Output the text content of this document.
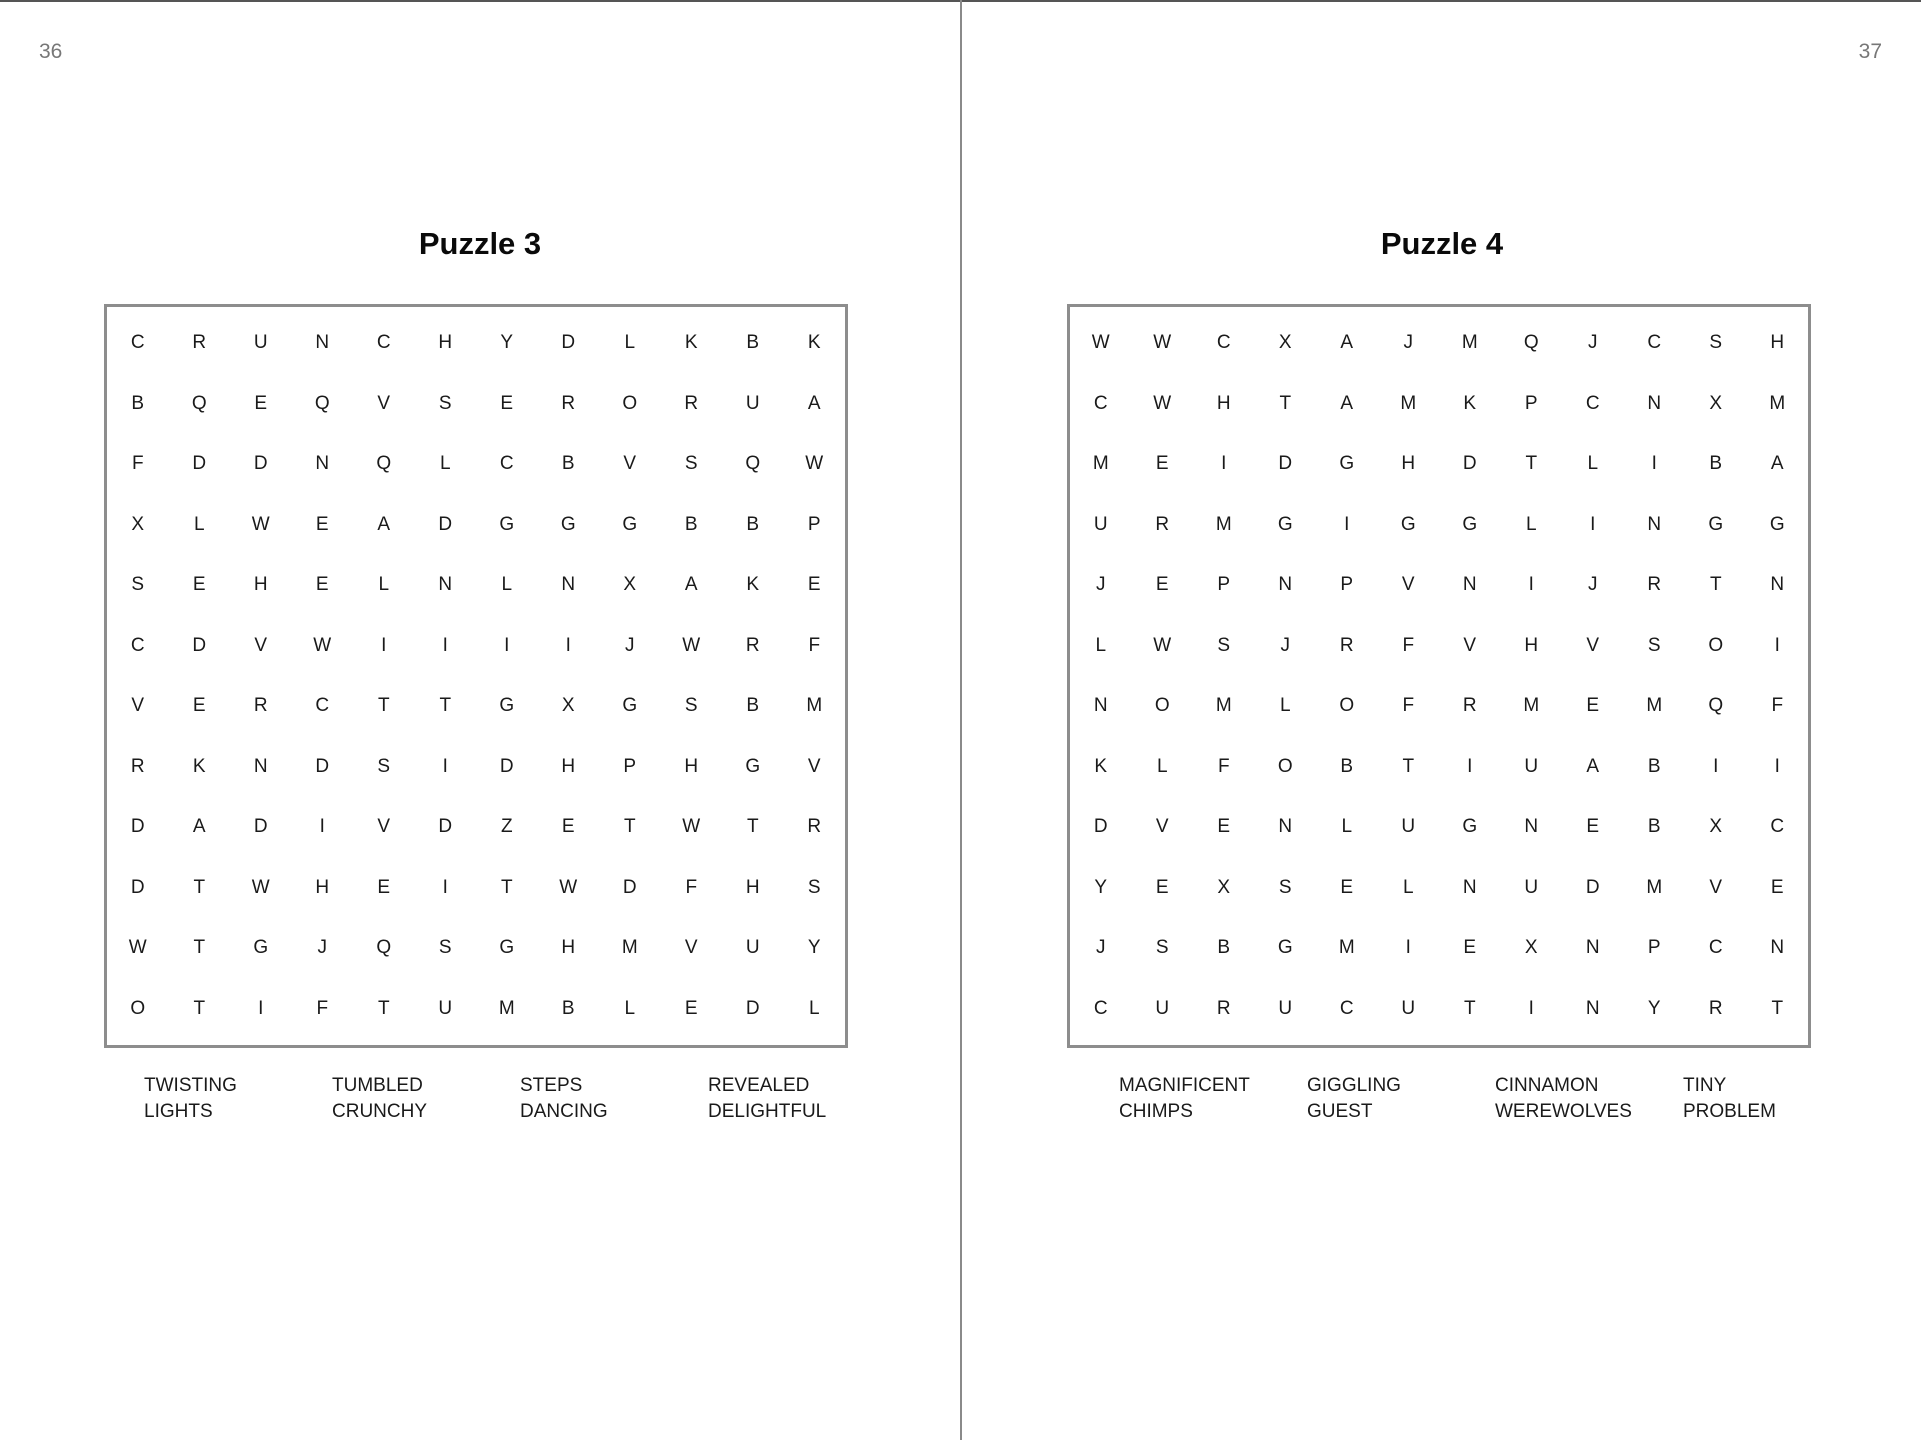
36
Puzzle 3
C	R	U	N	C	H	Y	D	L	K	B	K
B	Q	E	Q	V	S	E	R	O	R	U	A
F	D	D	N	Q	L	C	B	V	S	Q	W
X	L	W	E	A	D	G	G	G	B	B	P
S	E	H	E	L	N	L	N	X	A	K	E
C	D	V	W	I	I	I	I	J	W	R	F
V	E	R	C	T	T	G	X	G	S	B	M
R	K	N	D	S	I	D	H	P	H	G	V
D	A	D	I	V	D	Z	E	T	W	T	R
D	T	W	H	E	I	T	W	D	F	H	S
W	T	G	J	Q	S	G	H	M	V	U	Y
O	T	I	F	T	U	M	B	L	E	D	L
TWISTING
LIGHTS
TUMBLED
CRUNCHY
STEPS
DANCING
REVEALED
DELIGHTFUL
37
Puzzle 4
W	W	C	X	A	J	M	Q	J	C	S	H
C	W	H	T	A	M	K	P	C	N	X	M
M	E	I	D	G	H	D	T	L	I	B	A
U	R	M	G	I	G	G	L	I	N	G	G
J	E	P	N	P	V	N	I	J	R	T	N
L	W	S	J	R	F	V	H	V	S	O	I
N	O	M	L	O	F	R	M	E	M	Q	F
K	L	F	O	B	T	I	U	A	B	I	I
D	V	E	N	L	U	G	N	E	B	X	C
Y	E	X	S	E	L	N	U	D	M	V	E
J	S	B	G	M	I	E	X	N	P	C	N
C	U	R	U	C	U	T	I	N	Y	R	T
MAGNIFICENT
CHIMPS
GIGGLING
GUEST
CINNAMON
WEREWOLVES
TINY
PROBLEM
